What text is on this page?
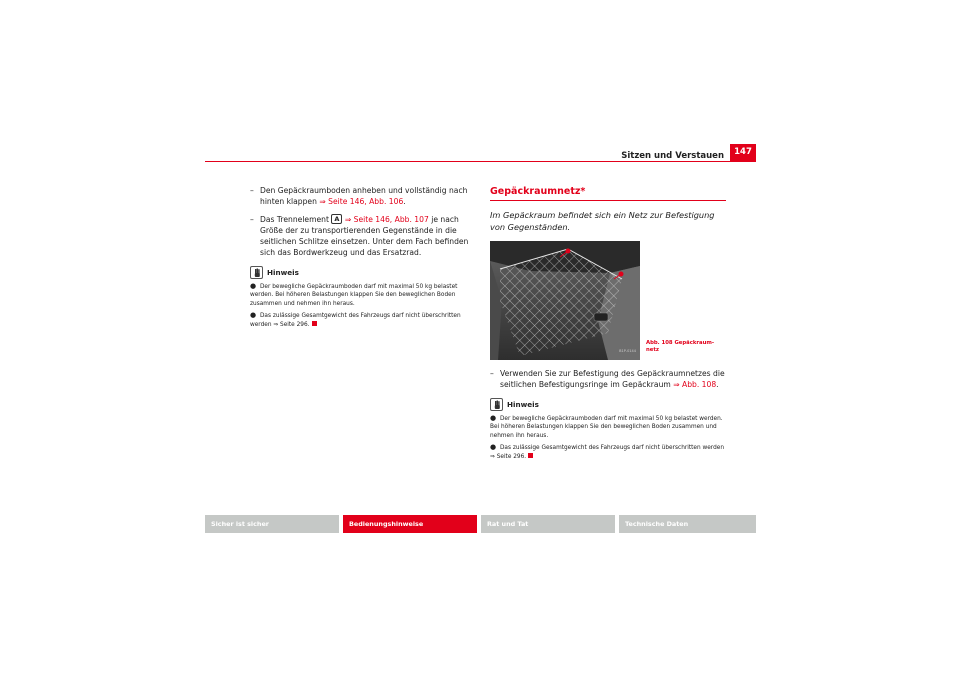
Sitzen und Verstauen	147
– Den Gepäckraumboden anheben und vollständig nach hinten klappen ⇒ Seite 146, Abb. 106.
– Das Trennelement A ⇒ Seite 146, Abb. 107 je nach Größe der zu transportierenden Gegenstände in die seitlichen Schlitze einsetzen. Unter dem Fach befinden sich das Bordwerkzeug und das Ersatzrad.
Hinweis
● Der bewegliche Gepäckraumboden darf mit maximal 50 kg belastet werden. Bei höheren Belastungen klappen Sie den beweglichen Boden zusammen und nehmen ihn heraus.
● Das zulässige Gesamtgewicht des Fahrzeugs darf nicht überschritten werden ⇒ Seite 296.
Gepäckraumnetz*
Im Gepäckraum befindet sich ein Netz zur Befestigung von Gegenständen.
B1P-0144
– Verwenden Sie zur Befestigung des Gepäckraumnetzes die seitlichen Befestigungsringe im Gepäckraum ⇒ Abb. 108.
Hinweis
● Der bewegliche Gepäckraumboden darf mit maximal 50 kg belastet werden. Bei höheren Belastungen klappen Sie den beweglichen Boden zusammen und nehmen ihn heraus.
● Das zulässige Gesamtgewicht des Fahrzeugs darf nicht überschritten werden ⇒ Seite 296.
Abb. 108 Gepäckraum-netz
Sicher ist sicher	Bedienungshinweise	Rat und Tat	Technische Daten
